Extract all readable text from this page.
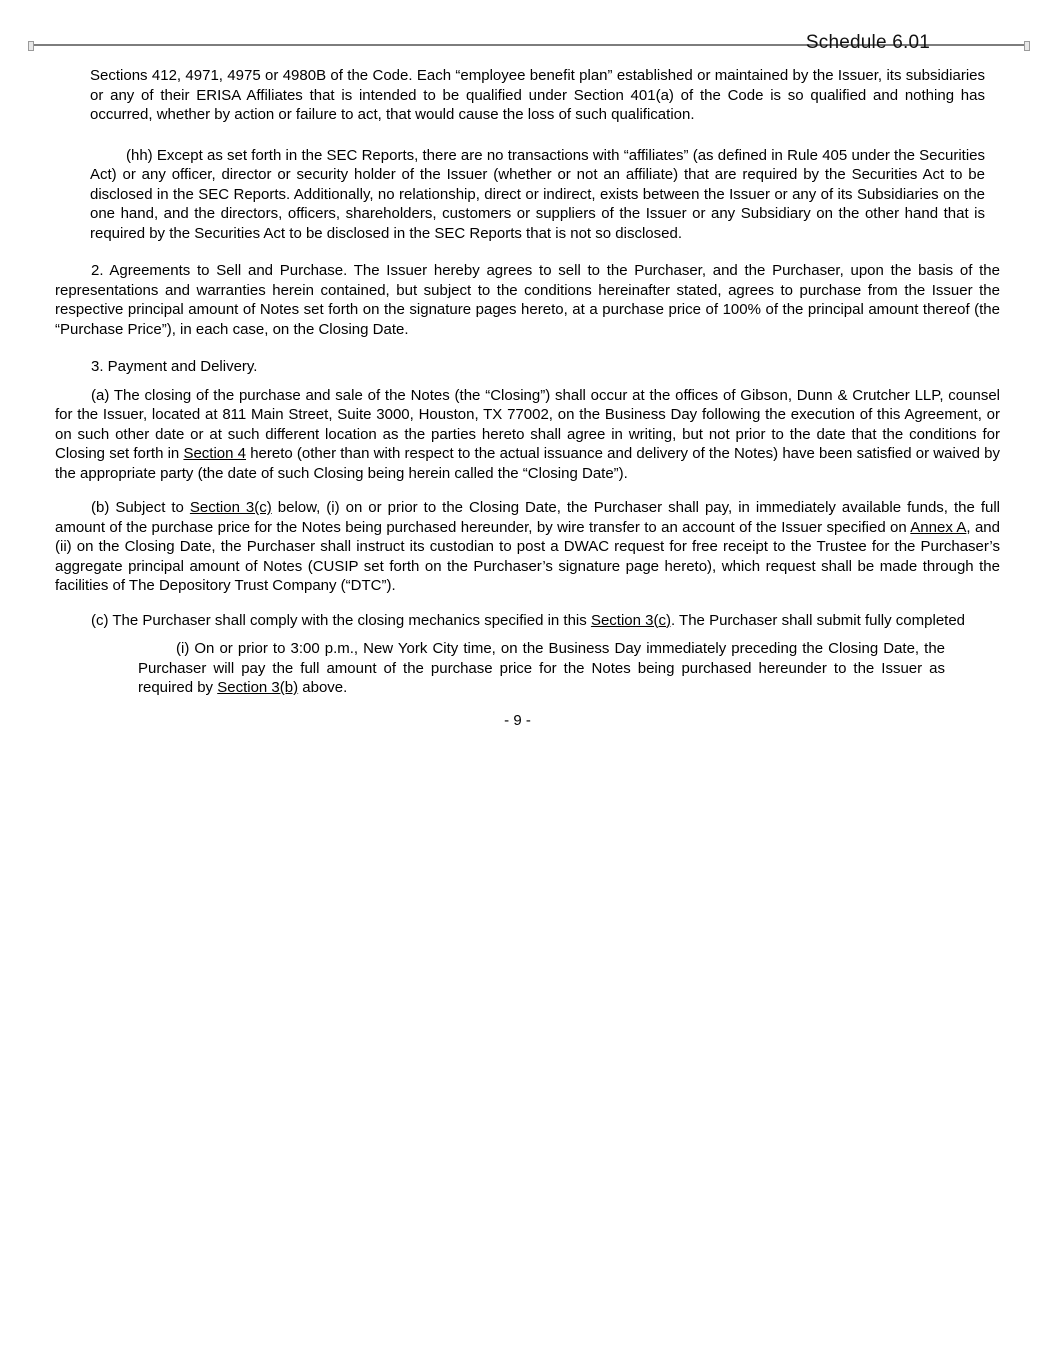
Schedule 6.01

Sections 412, 4971, 4975 or 4980B of the Code. Each “employee benefit plan” established or maintained by the Issuer, its subsidiaries or any of their ERISA Affiliates that is intended to be qualified under Section 401(a) of the Code is so qualified and nothing has occurred, whether by action or failure to act, that would cause the loss of such qualification.

(hh) Except as set forth in the SEC Reports, there are no transactions with “affiliates” (as defined in Rule 405 under the Securities Act) or any officer, director or security holder of the Issuer (whether or not an affiliate) that are required by the Securities Act to be disclosed in the SEC Reports. Additionally, no relationship, direct or indirect, exists between the Issuer or any of its Subsidiaries on the one hand, and the directors, officers, shareholders, customers or suppliers of the Issuer or any Subsidiary on the other hand that is required by the Securities Act to be disclosed in the SEC Reports that is not so disclosed.

2. Agreements to Sell and Purchase. The Issuer hereby agrees to sell to the Purchaser, and the Purchaser, upon the basis of the representations and warranties herein contained, but subject to the conditions hereinafter stated, agrees to purchase from the Issuer the respective principal amount of Notes set forth on the signature pages hereto, at a purchase price of 100% of the principal amount thereof (the “Purchase Price”), in each case, on the Closing Date.

3. Payment and Delivery.

(a) The closing of the purchase and sale of the Notes (the “Closing”) shall occur at the offices of Gibson, Dunn & Crutcher LLP, counsel for the Issuer, located at 811 Main Street, Suite 3000, Houston, TX 77002, on the Business Day following the execution of this Agreement, or on such other date or at such different location as the parties hereto shall agree in writing, but not prior to the date that the conditions for Closing set forth in Section 4 hereto (other than with respect to the actual issuance and delivery of the Notes) have been satisfied or waived by the appropriate party (the date of such Closing being herein called the “Closing Date”).

(b) Subject to Section 3(c) below, (i) on or prior to the Closing Date, the Purchaser shall pay, in immediately available funds, the full amount of the purchase price for the Notes being purchased hereunder, by wire transfer to an account of the Issuer specified on Annex A, and (ii) on the Closing Date, the Purchaser shall instruct its custodian to post a DWAC request for free receipt to the Trustee for the Purchaser’s aggregate principal amount of Notes (CUSIP set forth on the Purchaser’s signature page hereto), which request shall be made through the facilities of The Depository Trust Company (“DTC”).

(c) The Purchaser shall comply with the closing mechanics specified in this Section 3(c). The Purchaser shall submit fully completed

(i) On or prior to 3:00 p.m., New York City time, on the Business Day immediately preceding the Closing Date, the Purchaser will pay the full amount of the purchase price for the Notes being purchased hereunder to the Issuer as required by Section 3(b) above.

- 9 -
